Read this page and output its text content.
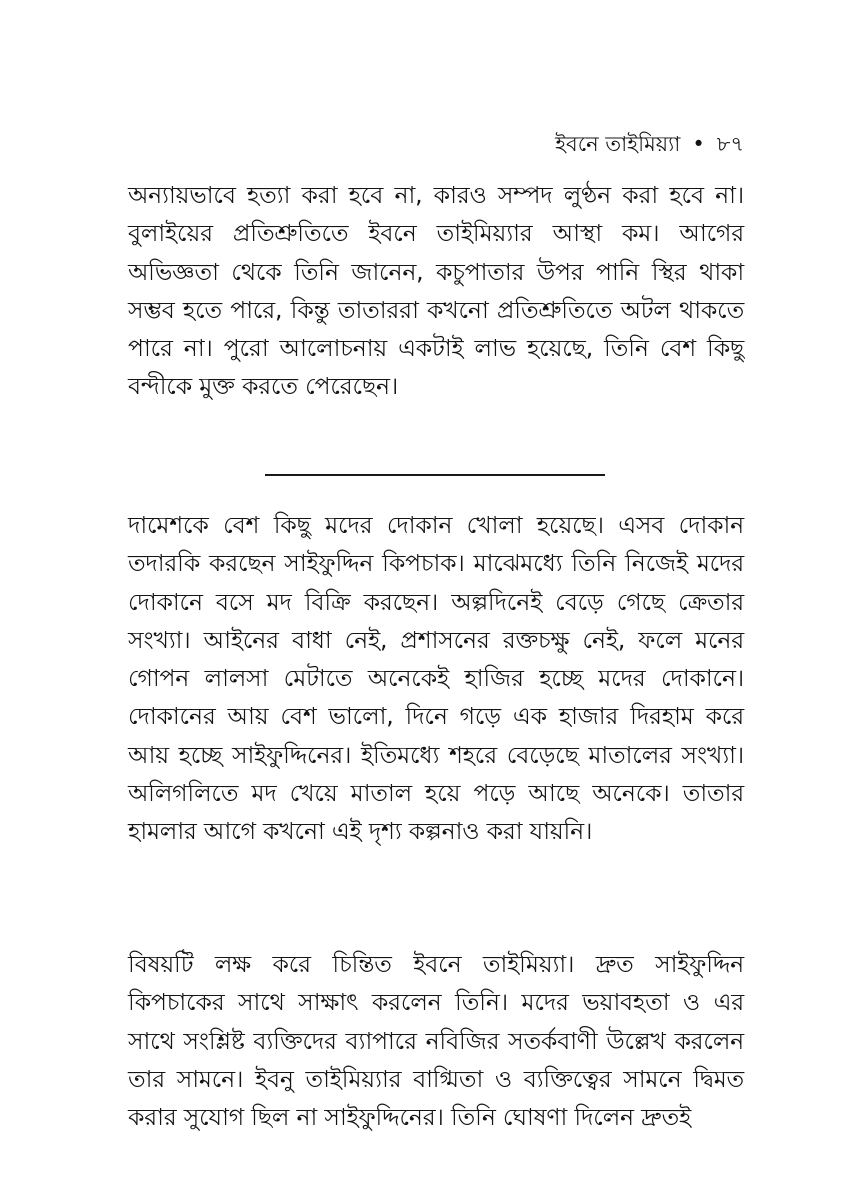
ইবনে তাইমিয়্যা • ৮৭

অন্যায়ভাবে হত্যা করা হবে না, কারও সম্পদ লুণ্ঠন করা হবে না। বুলাইয়ের প্রতিশ্রুতিতে ইবনে তাইমিয়্যার আস্থা কম। আগের অভিজ্ঞতা থেকে তিনি জানেন, কচুপাতার উপর পানি স্থির থাকা সম্ভব হতে পারে, কিন্তু তাতাররা কখনো প্রতিশ্রুতিতে অটল থাকতে পারে না। পুরো আলোচনায় একটাই লাভ হয়েছে, তিনি বেশ কিছু বন্দীকে মুক্ত করতে পেরেছেন।

দামেশকে বেশ কিছু মদের দোকান খোলা হয়েছে। এসব দোকান তদারকি করছেন সাইফুদ্দিন কিপচাক। মাঝেমধ্যে তিনি নিজেই মদের দোকানে বসে মদ বিক্রি করছেন। অল্পদিনেই বেড়ে গেছে ক্রেতার সংখ্যা। আইনের বাধা নেই, প্রশাসনের রক্তচক্ষু নেই, ফলে মনের গোপন লালসা মেটাতে অনেকেই হাজির হচ্ছে মদের দোকানে। দোকানের আয় বেশ ভালো, দিনে গড়ে এক হাজার দিরহাম করে আয় হচ্ছে সাইফুদ্দিনের। ইতিমধ্যে শহরে বেড়েছে মাতালের সংখ্যা। অলিগলিতে মদ খেয়ে মাতাল হয়ে পড়ে আছে অনেকে। তাতার হামলার আগে কখনো এই দৃশ্য কল্পনাও করা যায়নি।

বিষয়টি লক্ষ করে চিন্তিত ইবনে তাইমিয়্যা। দ্রুত সাইফুদ্দিন কিপচাকের সাথে সাক্ষাৎ করলেন তিনি। মদের ভয়াবহতা ও এর সাথে সংশ্লিষ্ট ব্যক্তিদের ব্যাপারে নবিজির সতর্কবাণী উল্লেখ করলেন তার সামনে। ইবনু তাইমিয়্যার বাগ্মিতা ও ব্যক্তিত্বের সামনে দ্বিমত করার সুযোগ ছিল না সাইফুদ্দিনের। তিনি ঘোষণা দিলেন দ্রুতই
